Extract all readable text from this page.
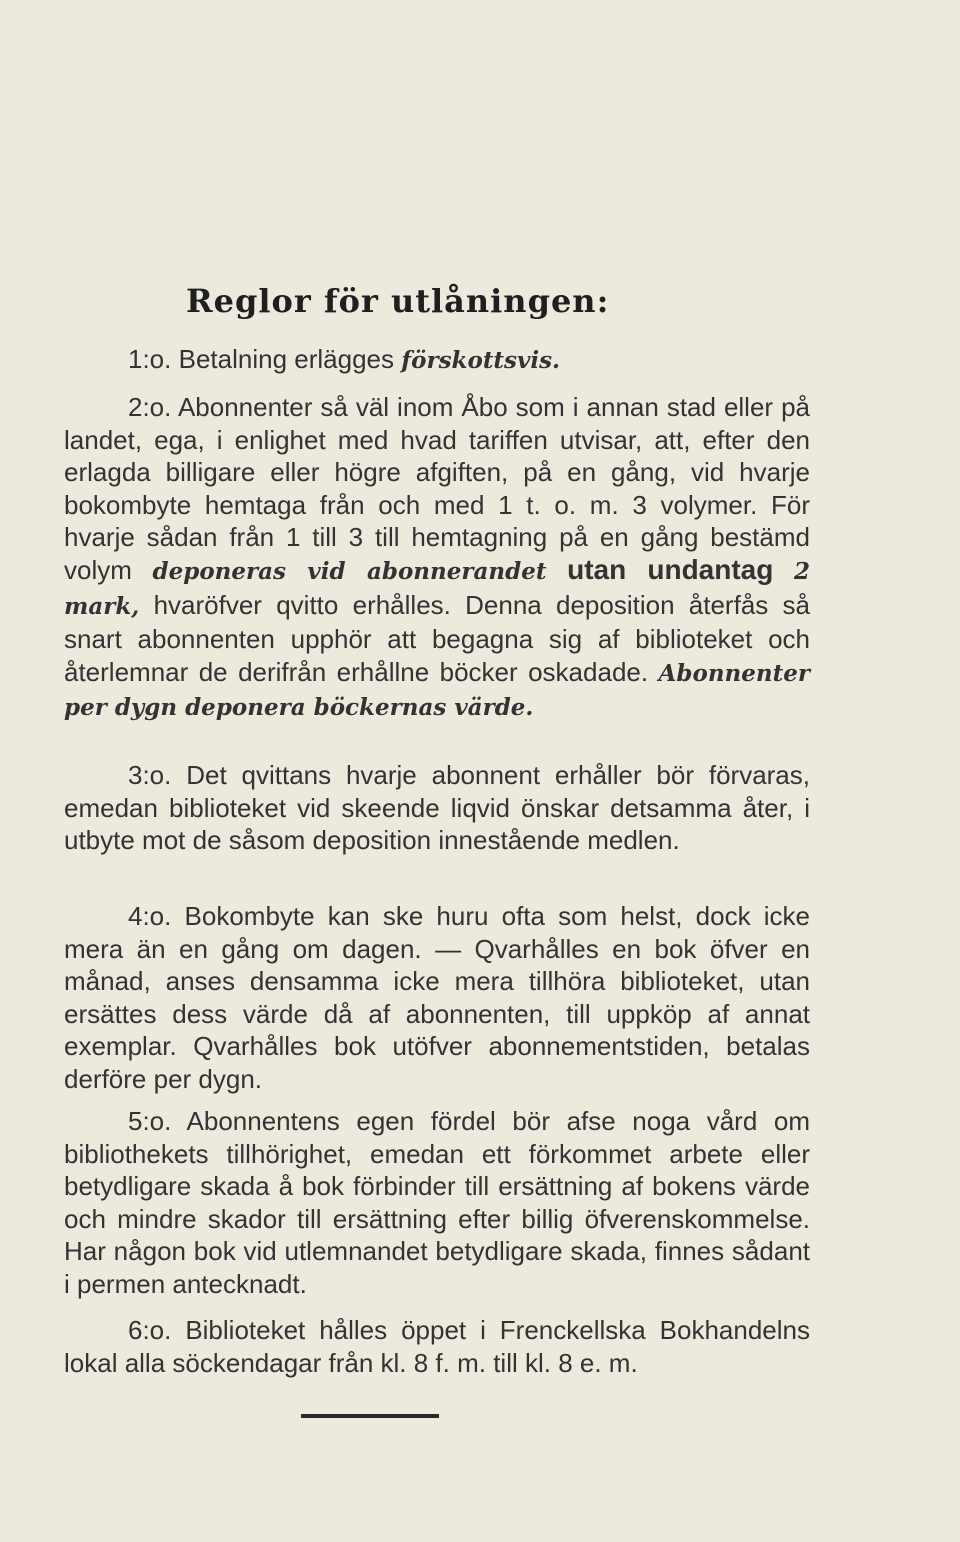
Reglor för utlåningen:

1:o. Betalning erlägges förskottsvis.

2:o. Abonnenter så väl inom Åbo som i annan stad eller på landet, ega, i enlighet med hvad tariffen utvisar, att, efter den erlagda billigare eller högre afgiften, på en gång, vid hvarje bokombyte hemtaga från och med 1 t. o. m. 3 volymer. För hvarje sådan från 1 till 3 till hemtagning på en gång bestämd volym deponeras vid abonnerandet utan undantag 2 mark, hvaröfver qvitto erhålles. Denna deposition återfås så snart abonnenten upphör att begagna sig af biblioteket och återlemnar de derifrån erhållne böcker oskadade. Abonnenter per dygn deponera böckernas värde.

3:o. Det qvittans hvarje abonnent erhåller bör förvaras, emedan biblioteket vid skeende liqvid önskar detsamma åter, i utbyte mot de såsom deposition innestående medlen.

4:o. Bokombyte kan ske huru ofta som helst, dock icke mera än en gång om dagen. — Qvarhålles en bok öfver en månad, anses densamma icke mera tillhöra biblioteket, utan ersättes dess värde då af abonnenten, till uppköp af annat exemplar. Qvarhålles bok utöfver abonnementstiden, betalas derföre per dygn.

5:o. Abonnentens egen fördel bör afse noga vård om bibliothekets tillhörighet, emedan ett förkommet arbete eller betydligare skada å bok förbinder till ersättning af bokens värde och mindre skador till ersättning efter billig öfverenskommelse. Har någon bok vid utlemnandet betydligare skada, finnes sådant i permen antecknadt.

6:o. Biblioteket hålles öppet i Frenckellska Bokhandelns lokal alla söckendagar från kl. 8 f. m. till kl. 8 e. m.
